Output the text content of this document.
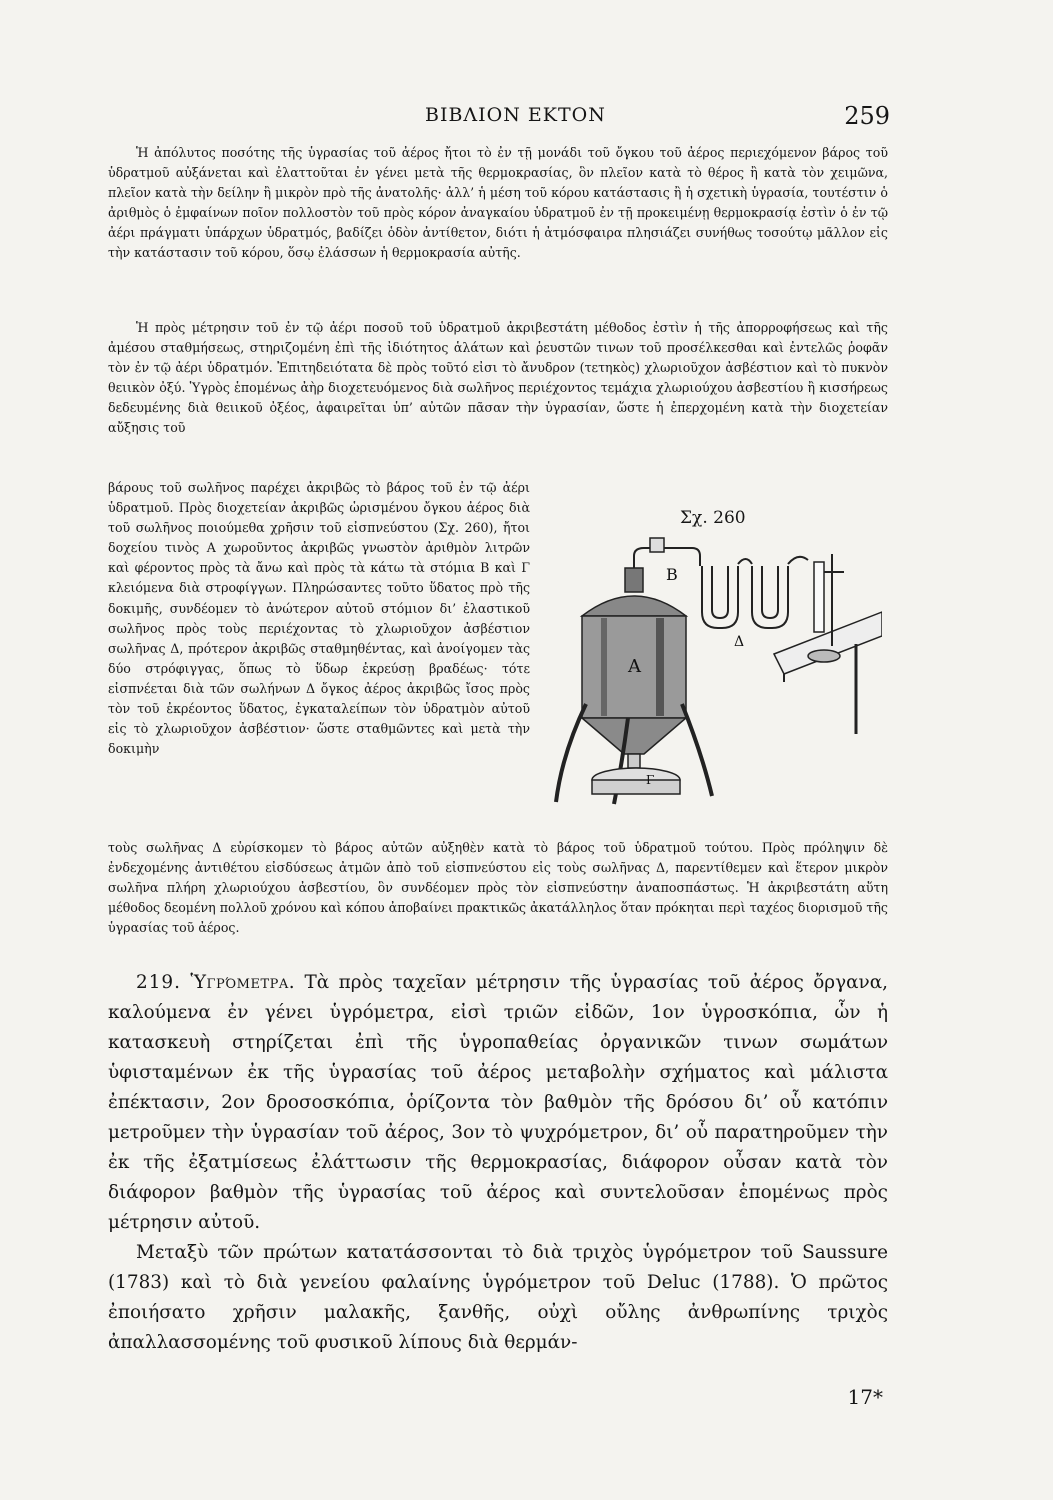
ΒΙΒΛΙΟΝ ΕΚΤΟΝ	259

Ἡ ἀπόλυτος ποσότης τῆς ὑγρασίας τοῦ ἀέρος ἤτοι τὸ ἐν τῇ μονάδι τοῦ ὄγκου τοῦ ἀέρος περιεχόμενον βάρος τοῦ ὑδρατμοῦ αὐξάνεται καὶ ἐλαττοῦται ἐν γένει μετὰ τῆς θερμοκρασίας, ὃν πλεῖον κατὰ τὸ θέρος ἢ κατὰ τὸν χειμῶνα, πλεῖον κατὰ τὴν δείλην ἢ μικρὸν πρὸ τῆς ἀνατολῆς· ἀλλ’ ἡ μέση τοῦ κόρου κατάστασις ἢ ἡ σχετικὴ ὑγρασία, τουτέστιν ὁ ἀριθμὸς ὁ ἐμφαίνων ποῖον πολλοστὸν τοῦ πρὸς κόρον ἀναγκαίου ὑδρατμοῦ ἐν τῇ προκειμένῃ θερμοκρασίᾳ ἐστὶν ὁ ἐν τῷ ἀέρι πράγματι ὑπάρχων ὑδρατμός, βαδίζει ὁδὸν ἀντίθετον, διότι ἡ ἀτμόσφαιρα πλησιάζει συνήθως τοσούτῳ μᾶλλον εἰς τὴν κατάστασιν τοῦ κόρου, ὅσῳ ἐλάσσων ἡ θερμοκρασία αὐτῆς.

Ἡ πρὸς μέτρησιν τοῦ ἐν τῷ ἀέρι ποσοῦ τοῦ ὑδρατμοῦ ἀκριβεστάτη μέθοδος ἐστὶν ἡ τῆς ἀπορροφήσεως καὶ τῆς ἀμέσου σταθμήσεως, στηριζομένη ἐπὶ τῆς ἰδιότητος ἁλάτων καὶ ῥευστῶν τινων τοῦ προσέλκεσθαι καὶ ἐντελῶς ῥοφᾶν τὸν ἐν τῷ ἀέρι ὑδρατμόν. Ἐπιτηδειότατα δὲ πρὸς τοῦτό εἰσι τὸ ἄνυδρον (τετηκὸς) χλωριοῦχον ἀσβέστιον καὶ τὸ πυκνὸν θειικὸν ὀξύ. Ὑγρὸς ἑπομένως ἀὴρ διοχετευόμενος διὰ σωλῆνος περιέχοντος τεμάχια χλωριούχου ἀσβεστίου ἢ κισσήρεως δεδευμένης διὰ θειικοῦ ὀξέος, ἀφαιρεῖται ὑπ’ αὐτῶν πᾶσαν τὴν ὑγρασίαν, ὥστε ἡ ἐπερχομένη κατὰ τὴν διοχετείαν αὔξησις τοῦ

βάρους τοῦ σωλῆνος παρέχει ἀκριβῶς τὸ βάρος τοῦ ἐν τῷ ἀέρι ὑδρατμοῦ. Πρὸς διοχετείαν ἀκριβῶς ὡρισμένου ὄγκου ἀέρος διὰ τοῦ σωλῆνος ποιούμεθα χρῆσιν τοῦ εἰσπνεύστου (Σχ. 260), ἤτοι δοχείου τινὸς Α χωροῦντος ἀκριβῶς γνωστὸν ἀριθμὸν λιτρῶν καὶ φέροντος πρὸς τὰ ἄνω καὶ πρὸς τὰ κάτω τὰ στόμια Β καὶ Γ κλειόμενα διὰ στροφίγγων. Πληρώσαντες τοῦτο ὕδατος πρὸ τῆς δοκιμῆς, συνδέομεν τὸ ἀνώτερον αὐτοῦ στόμιον δι’ ἐλαστικοῦ σωλῆνος πρὸς τοὺς περιέχοντας τὸ χλωριοῦχον ἀσβέστιον σωλῆνας Δ, πρότερον ἀκριβῶς σταθμηθέντας, καὶ ἀνοίγομεν τὰς δύο στρόφιγγας, ὅπως τὸ ὕδωρ ἐκρεύσῃ βραδέως· τότε εἰσπνέεται διὰ τῶν σωλήνων Δ ὄγκος ἀέρος ἀκριβῶς ἴσος πρὸς τὸν τοῦ ἐκρέοντος ὕδατος, ἐγκαταλείπων τὸν ὑδρατμὸν αὐτοῦ εἰς τὸ χλωριοῦχον ἀσβέστιον· ὥστε σταθμῶντες καὶ μετὰ τὴν δοκιμὴν

Σχ. 260
Α
Β
Δ
Γ

τοὺς σωλῆνας Δ εὑρίσκομεν τὸ βάρος αὐτῶν αὐξηθὲν κατὰ τὸ βάρος τοῦ ὑδρατμοῦ τούτου. Πρὸς πρόληψιν δὲ ἐνδεχομένης ἀντιθέτου εἰσδύσεως ἀτμῶν ἀπὸ τοῦ εἰσπνεύστου εἰς τοὺς σωλῆνας Δ, παρεντίθεμεν καὶ ἕτερον μικρὸν σωλῆνα πλήρη χλωριούχου ἀσβεστίου, ὃν συνδέομεν πρὸς τὸν εἰσπνεύστην ἀναποσπάστως. Ἡ ἀκριβεστάτη αὕτη μέθοδος δεομένη πολλοῦ χρόνου καὶ κόπου ἀποβαίνει πρακτικῶς ἀκατάλληλος ὅταν πρόκηται περὶ ταχέος διορισμοῦ τῆς ὑγρασίας τοῦ ἀέρος.

219. Ὑγρόμετρα. Τὰ πρὸς ταχεῖαν μέτρησιν τῆς ὑγρασίας τοῦ ἀέρος ὄργανα, καλούμενα ἐν γένει ὑγρόμετρα, εἰσὶ τριῶν εἰδῶν, 1ον ὑγροσκόπια, ὧν ἡ κατασκευὴ στηρίζεται ἐπὶ τῆς ὑγροπαθείας ὀργανικῶν τινων σωμάτων ὑφισταμένων ἐκ τῆς ὑγρασίας τοῦ ἀέρος μεταβολὴν σχήματος καὶ μάλιστα ἐπέκτασιν, 2ον δροσοσκόπια, ὁρίζοντα τὸν βαθμὸν τῆς δρόσου δι’ οὗ κατόπιν μετροῦμεν τὴν ὑγρασίαν τοῦ ἀέρος, 3ον τὸ ψυχρόμετρον, δι’ οὗ παρατηροῦμεν τὴν ἐκ τῆς ἐξατμίσεως ἐλάττωσιν τῆς θερμοκρασίας, διάφορον οὖσαν κατὰ τὸν διάφορον βαθμὸν τῆς ὑγρασίας τοῦ ἀέρος καὶ συντελοῦσαν ἑπομένως πρὸς μέτρησιν αὐτοῦ.

Μεταξὺ τῶν πρώτων κατατάσσονται τὸ διὰ τριχὸς ὑγρόμετρον τοῦ Saussure (1783) καὶ τὸ διὰ γενείου φαλαίνης ὑγρόμετρον τοῦ Deluc (1788). Ὁ πρῶτος ἐποιήσατο χρῆσιν μαλακῆς, ξανθῆς, οὐχὶ οὔλης ἀνθρωπίνης τριχὸς ἀπαλλασσομένης τοῦ φυσικοῦ λίπους διὰ θερμάν-

17*
